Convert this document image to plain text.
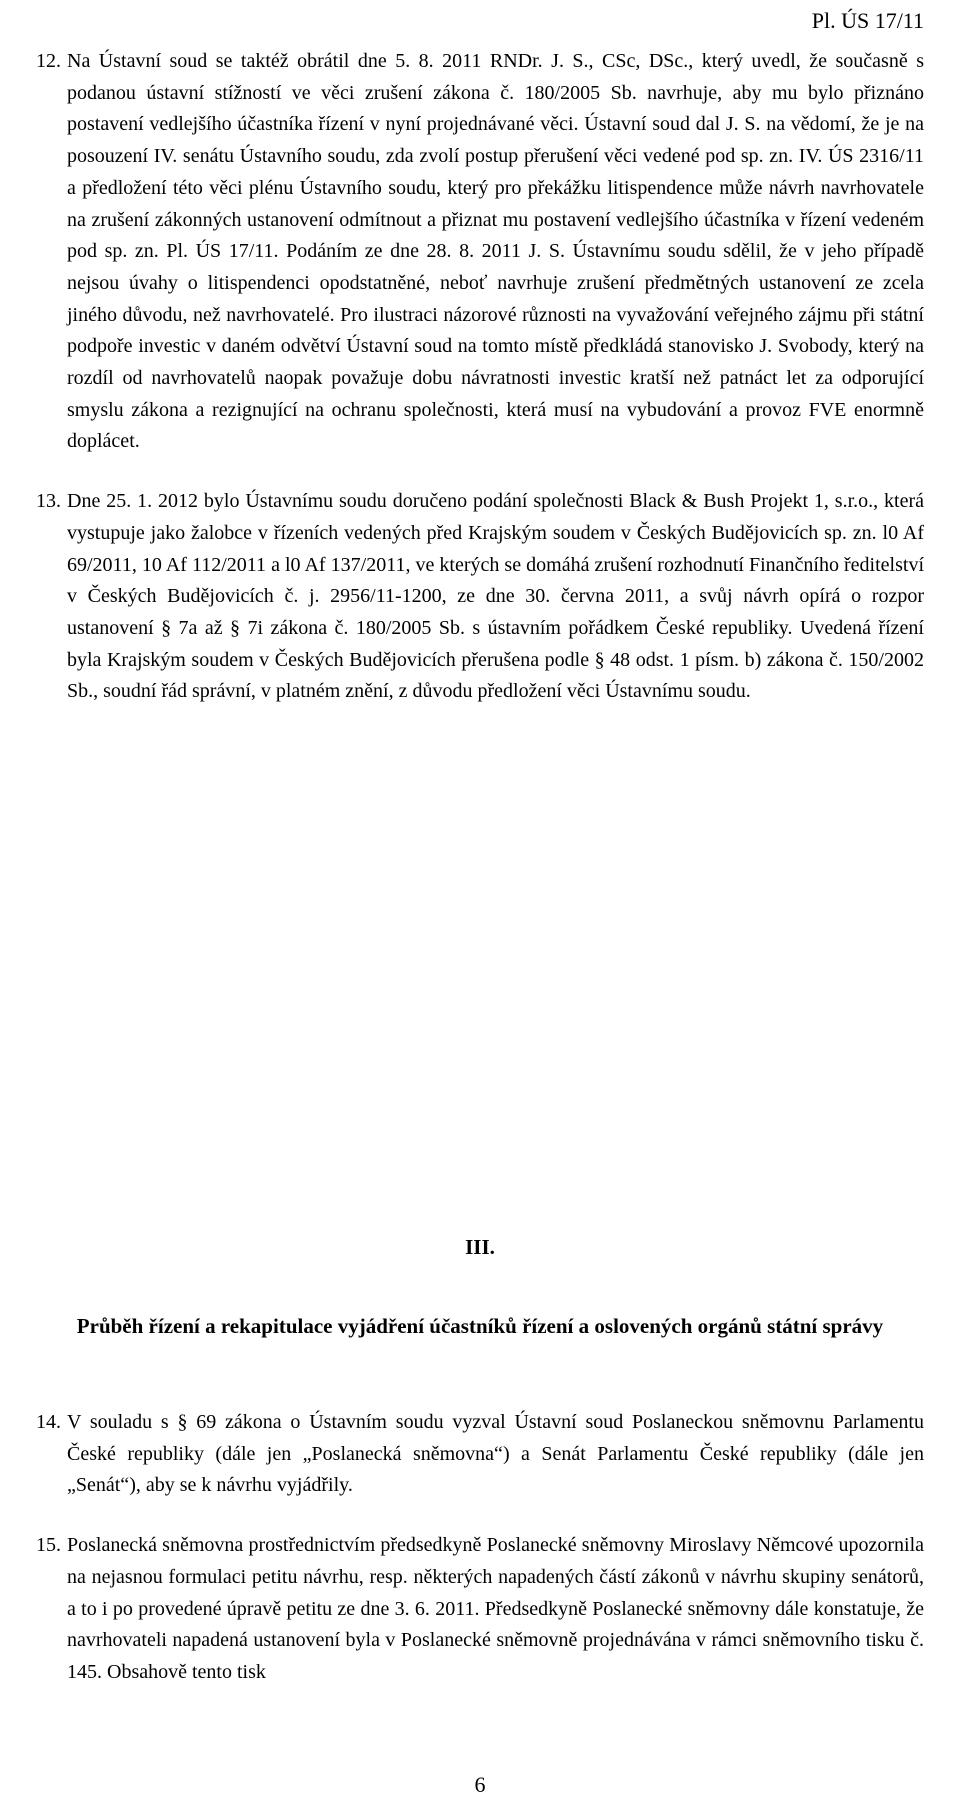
Pl. ÚS 17/11
12. Na Ústavní soud se taktéž obrátil dne 5. 8. 2011 RNDr. J. S., CSc, DSc., který uvedl, že současně s podanou ústavní stížností ve věci zrušení zákona č. 180/2005 Sb. navrhuje, aby mu bylo přiznáno postavení vedlejšího účastníka řízení v nyní projednávané věci. Ústavní soud dal J. S. na vědomí, že je na posouzení IV. senátu Ústavního soudu, zda zvolí postup přerušení věci vedené pod sp. zn. IV. ÚS 2316/11 a předložení této věci plénu Ústavního soudu, který pro překážku litispendence může návrh navrhovatele na zrušení zákonných ustanovení odmítnout a přiznat mu postavení vedlejšího účastníka v řízení vedeném pod sp. zn. Pl. ÚS 17/11. Podáním ze dne 28. 8. 2011 J. S. Ústavnímu soudu sdělil, že v jeho případě nejsou úvahy o litispendenci opodstatněné, neboť navrhuje zrušení předmětných ustanovení ze zcela jiného důvodu, než navrhovatelé. Pro ilustraci názorové různosti na vyvažování veřejného zájmu při státní podpoře investic v daném odvětví Ústavní soud na tomto místě předkládá stanovisko J. Svobody, který na rozdíl od navrhovatelů naopak považuje dobu návratnosti investic kratší než patnáct let za odporující smyslu zákona a rezignující na ochranu společnosti, která musí na vybudování a provoz FVE enormně doplácet.
13. Dne 25. 1. 2012 bylo Ústavnímu soudu doručeno podání společnosti Black & Bush Projekt 1, s.r.o., která vystupuje jako žalobce v řízeních vedených před Krajským soudem v Českých Budějovicích sp. zn. l0 Af 69/2011, 10 Af 112/2011 a l0 Af 137/2011, ve kterých se domáhá zrušení rozhodnutí Finančního ředitelství v Českých Budějovicích č. j. 2956/11-1200, ze dne 30. června 2011, a svůj návrh opírá o rozpor ustanovení § 7a až § 7i zákona č. 180/2005 Sb. s ústavním pořádkem České republiky. Uvedená řízení byla Krajským soudem v Českých Budějovicích přerušena podle § 48 odst. 1 písm. b) zákona č. 150/2002 Sb., soudní řád správní, v platném znění, z důvodu předložení věci Ústavnímu soudu.
III.
Průběh řízení a rekapitulace vyjádření účastníků řízení a oslovených orgánů státní správy
14. V souladu s § 69 zákona o Ústavním soudu vyzval Ústavní soud Poslaneckou sněmovnu Parlamentu České republiky (dále jen „Poslanecká sněmovna“) a Senát Parlamentu České republiky (dále jen „Senát“), aby se k návrhu vyjádřily.
15. Poslanecká sněmovna prostřednictvím předsedkyně Poslanecké sněmovny Miroslavy Němcové upozornila na nejasnou formulaci petitu návrhu, resp. některých napadených částí zákonů v návrhu skupiny senátorů, a to i po provedené úpravě petitu ze dne 3. 6. 2011. Předsedkyně Poslanecké sněmovny dále konstatuje, že navrhovateli napadená ustanovení byla v Poslanecké sněmovně projednávána v rámci sněmovního tisku č. 145. Obsahově tento tisk
6
